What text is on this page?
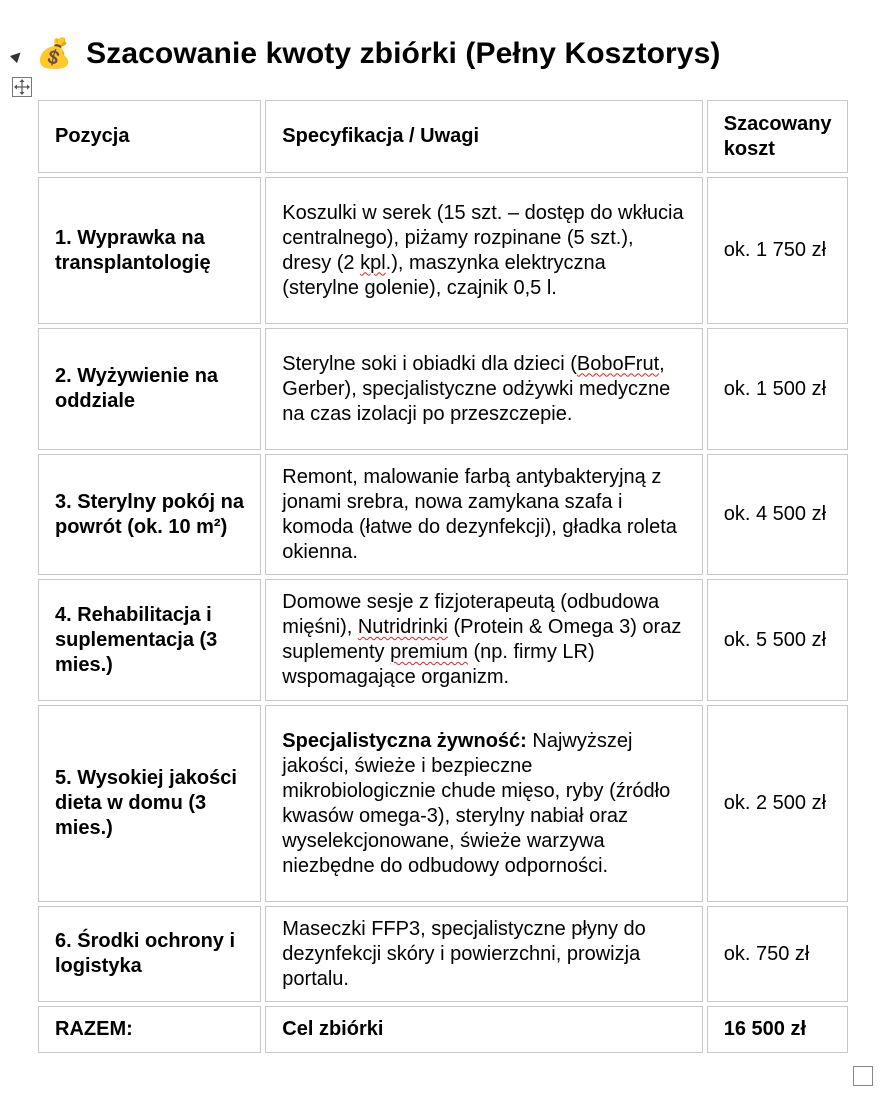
💰 Szacowanie kwoty zbiórki (Pełny Kosztorys)
Pozycja	Specyfikacja / Uwagi	Szacowany koszt
1. Wyprawka na transplantologię	Koszulki w serek (15 szt. – dostęp do wkłucia centralnego), piżamy rozpinane (5 szt.), dresy (2 kpl.), maszynka elektryczna (sterylne golenie), czajnik 0,5 l.	ok. 1 750 zł
2. Wyżywienie na oddziale	Sterylne soki i obiadki dla dzieci (BoboFrut, Gerber), specjalistyczne odżywki medyczne na czas izolacji po przeszczepie.	ok. 1 500 zł
3. Sterylny pokój na powrót (ok. 10 m²)	Remont, malowanie farbą antybakteryjną z jonami srebra, nowa zamykana szafa i komoda (łatwe do dezynfekcji), gładka roleta okienna.	ok. 4 500 zł
4. Rehabilitacja i suplementacja (3 mies.)	Domowe sesje z fizjoterapeutą (odbudowa mięśni), Nutridrinki (Protein & Omega 3) oraz suplementy premium (np. firmy LR) wspomagające organizm.	ok. 5 500 zł
5. Wysokiej jakości dieta w domu (3 mies.)	Specjalistyczna żywność: Najwyższej jakości, świeże i bezpieczne mikrobiologicznie chude mięso, ryby (źródło kwasów omega-3), sterylny nabiał oraz wyselekcjonowane, świeże warzywa niezbędne do odbudowy odporności.	ok. 2 500 zł
6. Środki ochrony i logistyka	Maseczki FFP3, specjalistyczne płyny do dezynfekcji skóry i powierzchni, prowizja portalu.	ok. 750 zł
RAZEM:	Cel zbiórki	16 500 zł
